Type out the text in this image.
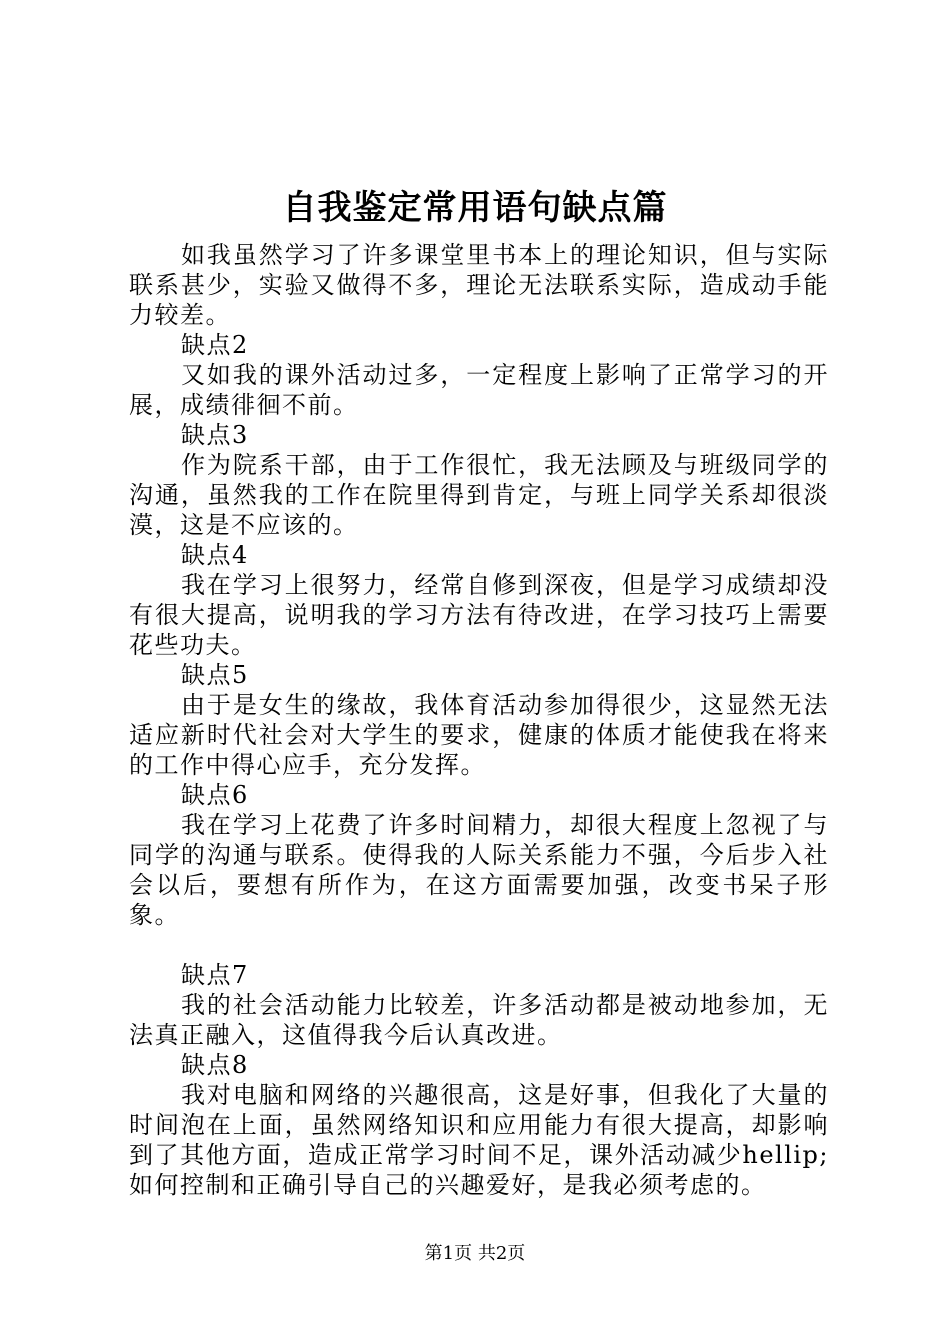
自我鉴定常用语句缺点篇

如我虽然学习了许多课堂里书本上的理论知识，但与实际联系甚少，实验又做得不多，理论无法联系实际，造成动手能力较差。

缺点2

又如我的课外活动过多，一定程度上影响了正常学习的开展，成绩徘徊不前。

缺点3

作为院系干部，由于工作很忙，我无法顾及与班级同学的沟通，虽然我的工作在院里得到肯定，与班上同学关系却很淡漠，这是不应该的。

缺点4

我在学习上很努力，经常自修到深夜，但是学习成绩却没有很大提高，说明我的学习方法有待改进，在学习技巧上需要花些功夫。

缺点5

由于是女生的缘故，我体育活动参加得很少，这显然无法适应新时代社会对大学生的要求，健康的体质才能使我在将来的工作中得心应手，充分发挥。

缺点6

我在学习上花费了许多时间精力，却很大程度上忽视了与同学的沟通与联系。使得我的人际关系能力不强，今后步入社会以后，要想有所作为，在这方面需要加强，改变书呆子形象。

缺点7

我的社会活动能力比较差，许多活动都是被动地参加，无法真正融入，这值得我今后认真改进。

缺点8

我对电脑和网络的兴趣很高，这是好事，但我化了大量的时间泡在上面，虽然网络知识和应用能力有很大提高，却影响到了其他方面，造成正常学习时间不足，课外活动减少hellip;如何控制和正确引导自己的兴趣爱好，是我必须考虑的。

第1页 共2页
